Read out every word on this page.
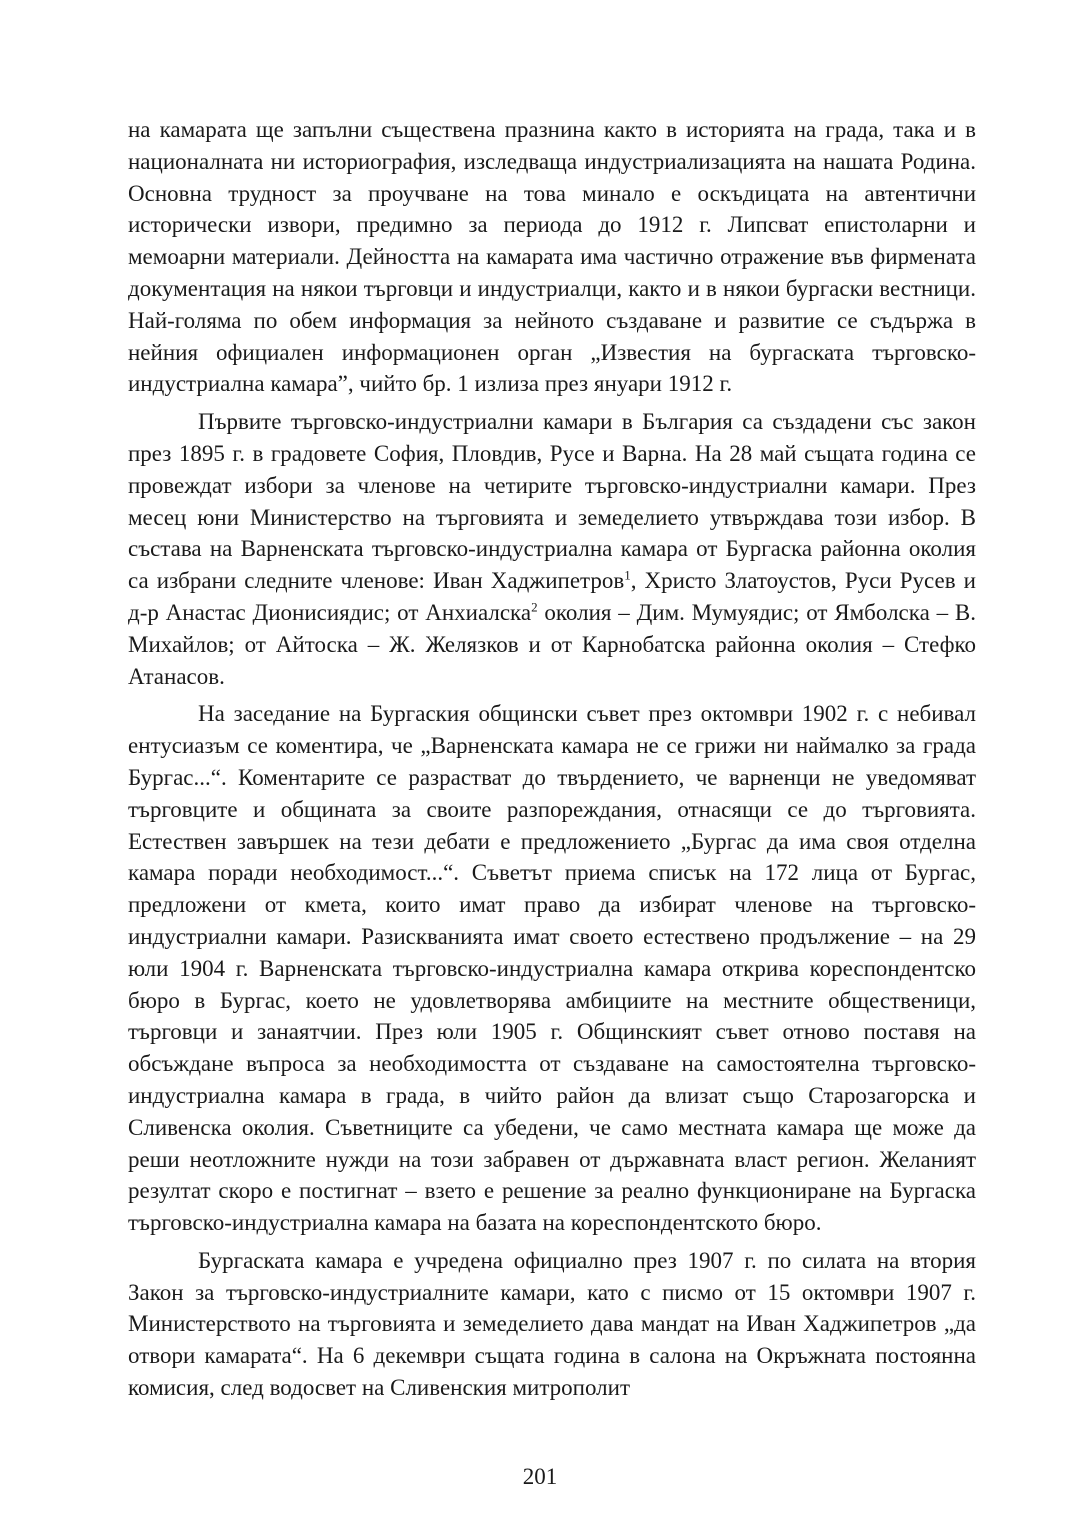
на камарата ще запълни съществена празнина както в историята на града, така и в националната ни историография, изследваща индустриализацията на нашата Родина. Основна трудност за проучване на това минало е оскъдицата на автентични исторически извори, предимно за периода до 1912 г. Липсват епистоларни и мемоарни материали. Дейността на камарата има частично отражение във фирмената документация на някои търговци и индустриалци, както и в някои бургаски вестници. Най-голяма по обем информация за нейното създаване и развитие се съдържа в нейния официален информационен орган „Известия на бургаската търговско-индустриална камара”, чийто бр. 1 излиза през януари 1912 г.

Първите търговско-индустриални камари в България са създадени със закон през 1895 г. в градовете София, Пловдив, Русе и Варна. На 28 май същата година се провеждат избори за членове на четирите търговско-индустриални камари. През месец юни Министерство на търговията и земеделието утвърждава този избор. В състава на Варненската търговско-индустриална камара от Бургаска районна околия са избрани следните членове: Иван Хаджипетров$^1$, Христо Златоустов, Руси Русев и д-р Анастас Дионисиядис; от Анхиалска$^2$ околия – Дим. Мумуядис; от Ямболска – В. Михайлов; от Айтоска – Ж. Желязков и от Карнобатска районна околия – Стефко Атанасов.

На заседание на Бургаския общински съвет през октомври 1902 г. с небивал ентусиазъм се коментира, че „Варненската камара не се грижи ни наймалко за града Бургас...“. Коментарите се разрастват до твърдението, че варненци не уведомяват търговците и общината за своите разпореждания, отнасящи се до търговията. Естествен завършек на тези дебати е предложението „Бургас да има своя отделна камара поради необходимост...“. Съветът приема списък на 172 лица от Бургас, предложени от кмета, които имат право да избират членове на търговско-индустриални камари. Разискванията имат своето естествено продължение – на 29 юли 1904 г. Варненската търговско-индустриална камара открива кореспондентско бюро в Бургас, което не удовлетворява амбициите на местните общественици, търговци и занаятчии. През юли 1905 г. Общинският съвет отново поставя на обсъждане въпроса за необходимостта от създаване на самостоятелна търговско-индустриална камара в града, в чийто район да влизат също Старозагорска и Сливенска околия. Съветниците са убедени, че само местната камара ще може да реши неотложните нужди на този забравен от държавната власт регион. Желаният резултат скоро е постигнат – взето е решение за реално функциониране на Бургаска търговско-индустриална камара на базата на кореспондентското бюро.

Бургаската камара е учредена официално през 1907 г. по силата на втория Закон за търговско-индустриалните камари, като с писмо от 15 октомври 1907 г. Министерството на търговията и земеделието дава мандат на Иван Хаджипетров „да отвори камарата“. На 6 декември същата година в салона на Окръжната постоянна комисия, след водосвет на Сливенския митрополит

201
